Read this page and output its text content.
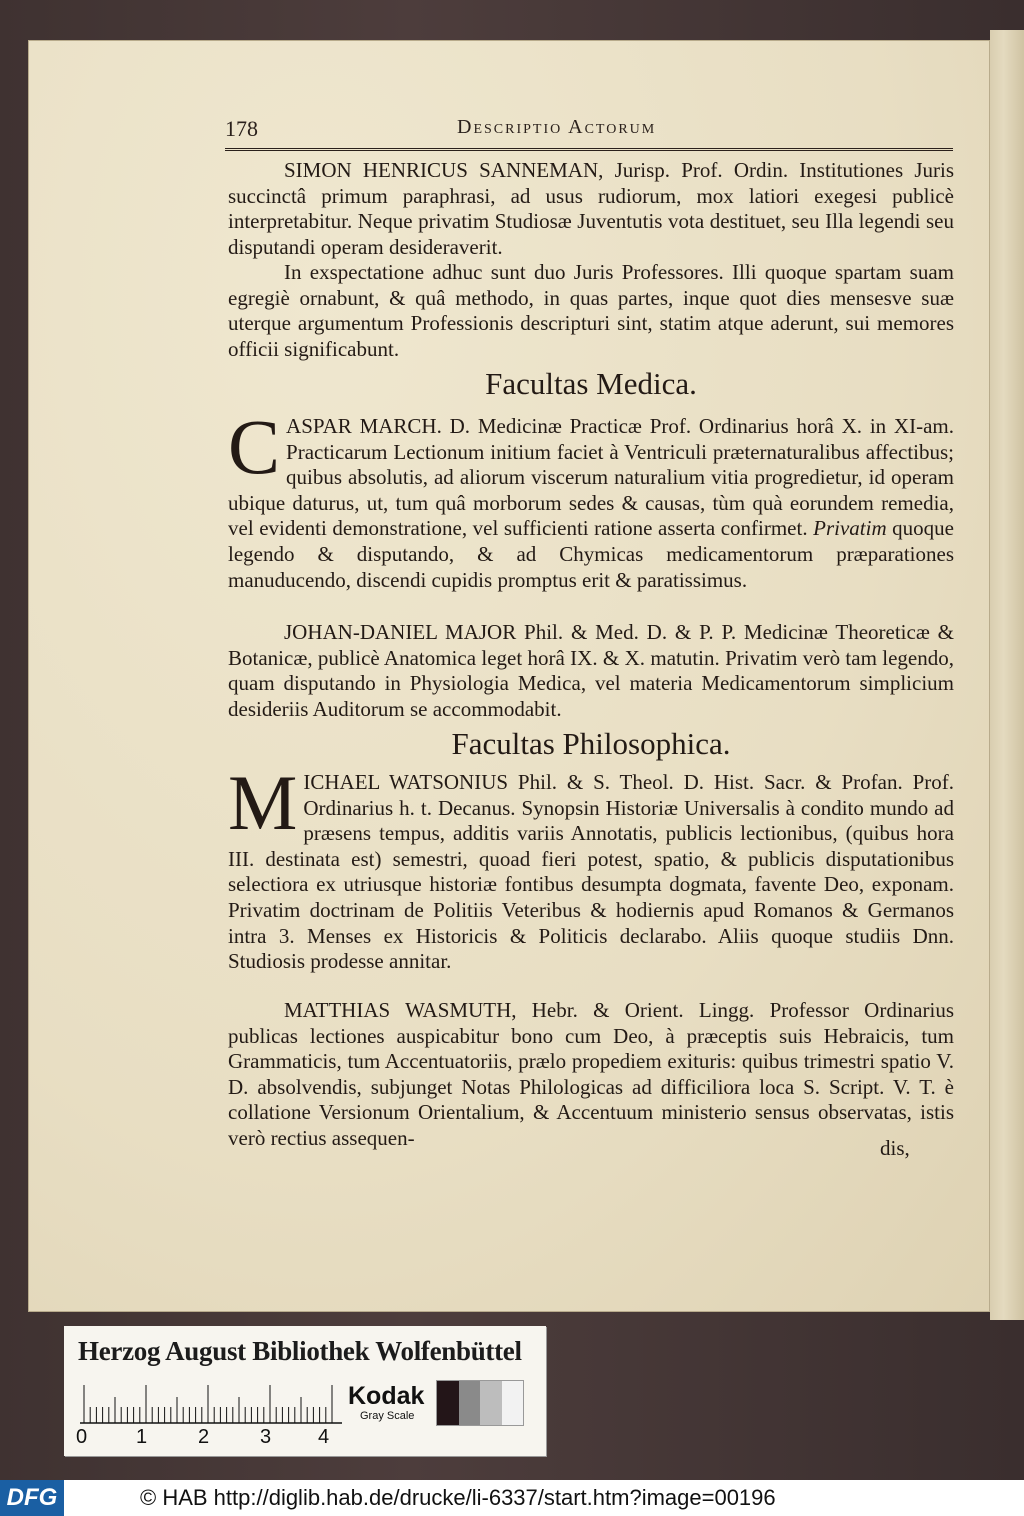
178	Descriptio Actorum

SIMON HENRICUS SANNEMAN, Jurisp. Prof. Ordin. Institutiones Juris succinctâ primum paraphrasi, ad usus rudiorum, mox latiori exegesi publicè interpretabitur. Neque privatim Studiosæ Juventutis vota destituet, seu Illa legendi seu disputandi operam desideraverit.

In exspectatione adhuc sunt duo Juris Professores. Illi quoque spartam suam egregiè ornabunt, & quâ methodo, in quas partes, inque quot dies mensesve suæ uterque argumentum Professionis descripturi sint, statim atque aderunt, sui memores officii significabunt.

Facultas Medica.
CASPAR MARCH. D. Medicinæ Practicæ Prof. Ordinarius horâ X. in XI-am. Practicarum Lectionum initium faciet à Ventriculi præternaturalibus affectibus; quibus absolutis, ad aliorum viscerum naturalium vitia progredietur, id operam ubique daturus, ut, tum quâ morborum sedes & causas, tùm quà eorundem remedia, vel evidenti demonstratione, vel sufficienti ratione asserta confirmet. Privatim quoque legendo & disputando, & ad Chymicas medicamentorum præparationes manuducendo, discendi cupidis promptus erit & paratissimus.

JOHAN-DANIEL MAJOR Phil. & Med. D. & P. P. Medicinæ Theoreticæ & Botanicæ, publicè Anatomica leget horâ IX. & X. matutin. Privatim verò tam legendo, quam disputando in Physiologia Medica, vel materia Medicamentorum simplicium desideriis Auditorum se accommodabit.

Facultas Philosophica.
MICHAEL WATSONIUS Phil. & S. Theol. D. Hist. Sacr. & Profan. Prof. Ordinarius h. t. Decanus. Synopsin Historiæ Universalis à condito mundo ad præsens tempus, additis variis Annotatis, publicis lectionibus, (quibus hora III. destinata est) semestri, quoad fieri potest, spatio, & publicis disputationibus selectiora ex utriusque historiæ fontibus desumpta dogmata, favente Deo, exponam. Privatim doctrinam de Politiis Veteribus & hodiernis apud Romanos & Germanos intra 3. Menses ex Historicis & Politicis declarabo. Aliis quoque studiis Dnn. Studiosis prodesse annitar.

MATTHIAS WASMUTH, Hebr. & Orient. Lingg. Professor Ordinarius publicas lectiones auspicabitur bono cum Deo, à præceptis suis Hebraicis, tum Grammaticis, tum Accentuatoriis, prælo propediem exituris: quibus trimestri spatio V. D. absolvendis, subjunget Notas Philologicas ad difficiliora loca S. Script. V. T. è collatione Versionum Orientalium, & Accentuum ministerio sensus observatas, istis verò rectius assequen-	dis,
Herzog August Bibliothek Wolfenbüttel
0 1	2	3 4
Kodak
Gray Scale
DFG	© HAB http://diglib.hab.de/drucke/li-6337/start.htm?image=00196
